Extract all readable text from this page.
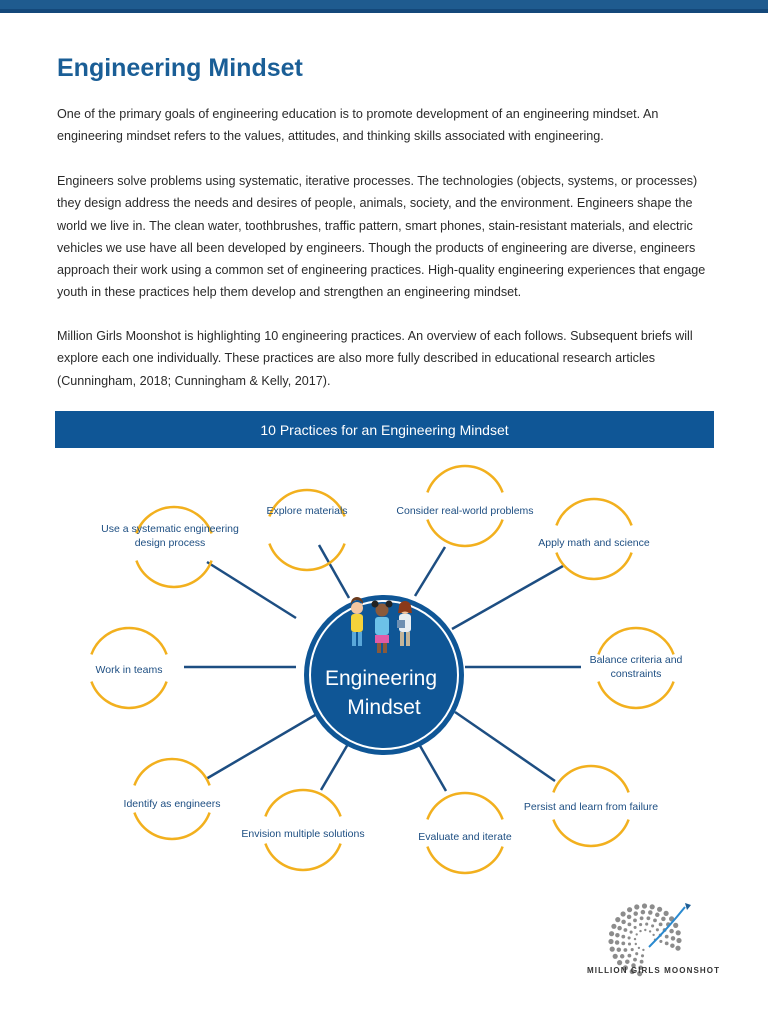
Engineering Mindset

One of the primary goals of engineering education is to promote development of an engineering mindset. An engineering mindset refers to the values, attitudes, and thinking skills associated with engineering.

Engineers solve problems using systematic, iterative processes. The technologies (objects, systems, or processes) they design address the needs and desires of people, animals, society, and the environment. Engineers shape the world we live in. The clean water, toothbrushes, traffic pattern, smart phones, stain-resistant materials, and electric vehicles we use have all been developed by engineers. Though the products of engineering are diverse, engineers approach their work using a common set of engineering practices. High-quality engineering experiences that engage youth in these practices help them develop and strengthen an engineering mindset.

Million Girls Moonshot is highlighting 10 engineering practices. An overview of each follows. Subsequent briefs will explore each one individually. These practices are also more fully described in educational research articles (Cunningham, 2018; Cunningham & Kelly, 2017).

10 Practices for an Engineering Mindset
Engineering
Mindset
Use a systematic engineering design process
Explore materials	Consider real-world problems
Apply math and science
Work in teams
Balance criteria and constraints
Identify as engineers
Envision multiple solutions	Evaluate and iterate
Persist and learn from failure

MILLION GIRLS MOONSHOT
